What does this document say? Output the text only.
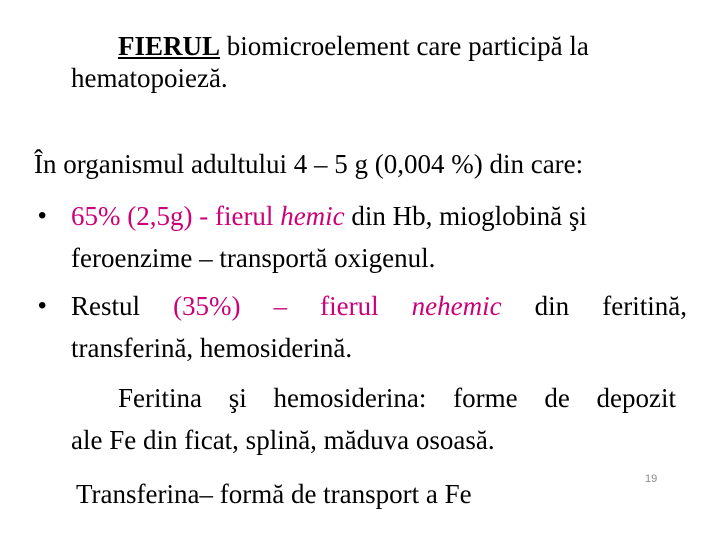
FIERUL biomicroelement care participă la
hematopoieză.
În organismul adultului 4 – 5 g (0,004 %) din care:
• 65% (2,5g) - fierul hemic din Hb, mioglobină şi
feroenzime – transportă oxigenul.
• Restul (35%) – fierul nehemic din feritină,
transferină, hemosiderină.
Feritina şi hemosiderina: forme de depozit
ale Fe din ficat, splină, măduva osoasă.
Transferina– formă de transport a Fe	19
